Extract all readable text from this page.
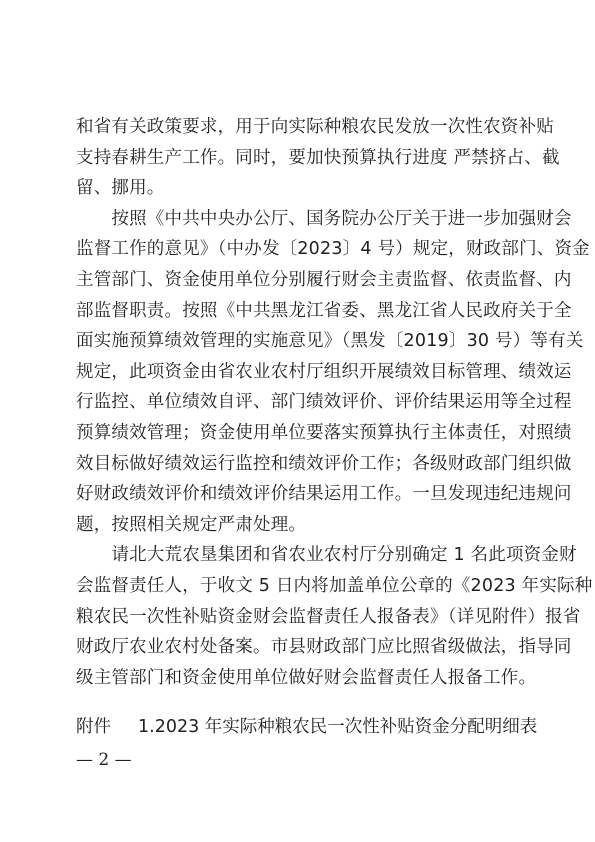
和省有关政策要求，用于向实际种粮农民发放一次性农资补贴
支持春耕生产工作。同时，要加快预算执行进度 严禁挤占、截
留、挪用。
　　按照《中共中央办公厅、国务院办公厅关于进一步加强财会
监督工作的意见》（中办发〔2023〕4 号）规定，财政部门、资金
主管部门、资金使用单位分别履行财会主责监督、依责监督、内
部监督职责。按照《中共黑龙江省委、黑龙江省人民政府关于全
面实施预算绩效管理的实施意见》（黑发〔2019〕30 号）等有关
规定，此项资金由省农业农村厅组织开展绩效目标管理、绩效运
行监控、单位绩效自评、部门绩效评价、评价结果运用等全过程
预算绩效管理；资金使用单位要落实预算执行主体责任，对照绩
效目标做好绩效运行监控和绩效评价工作；各级财政部门组织做
好财政绩效评价和绩效评价结果运用工作。一旦发现违纪违规问
题，按照相关规定严肃处理。
　　请北大荒农垦集团和省农业农村厅分别确定 1 名此项资金财
会监督责任人，于收文 5 日内将加盖单位公章的《2023 年实际种
粮农民一次性补贴资金财会监督责任人报备表》（详见附件）报省
财政厅农业农村处备案。市县财政部门应比照省级做法，指导同
级主管部门和资金使用单位做好财会监督责任人报备工作。
附件 1.2023 年实际种粮农民一次性补贴资金分配明细表
— 2 —
